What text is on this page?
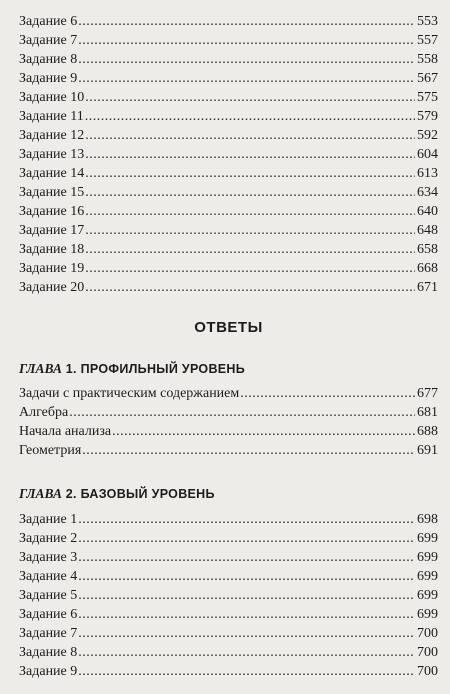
Задание 6 .....	553
Задание 7 .....	557
Задание 8 .....	558
Задание 9 .....	567
Задание 10 .....	575
Задание 11 .....	579
Задание 12 .....	592
Задание 13 .....	604
Задание 14 .....	613
Задание 15 .....	634
Задание 16 .....	640
Задание 17 .....	648
Задание 18 .....	658
Задание 19 .....	668
Задание 20 .....	671
ОТВЕТЫ
ГЛАВА 1. ПРОФИЛЬНЫЙ УРОВЕНЬ
Задачи с практическим содержанием .....	677
Алгебра .....	681
Начала анализа .....	688
Геометрия .....	691
ГЛАВА 2. БАЗОВЫЙ УРОВЕНЬ
Задание 1 .....	698
Задание 2 .....	699
Задание 3 .....	699
Задание 4 .....	699
Задание 5 .....	699
Задание 6 .....	699
Задание 7 .....	700
Задание 8 .....	700
Задание 9 .....	700
